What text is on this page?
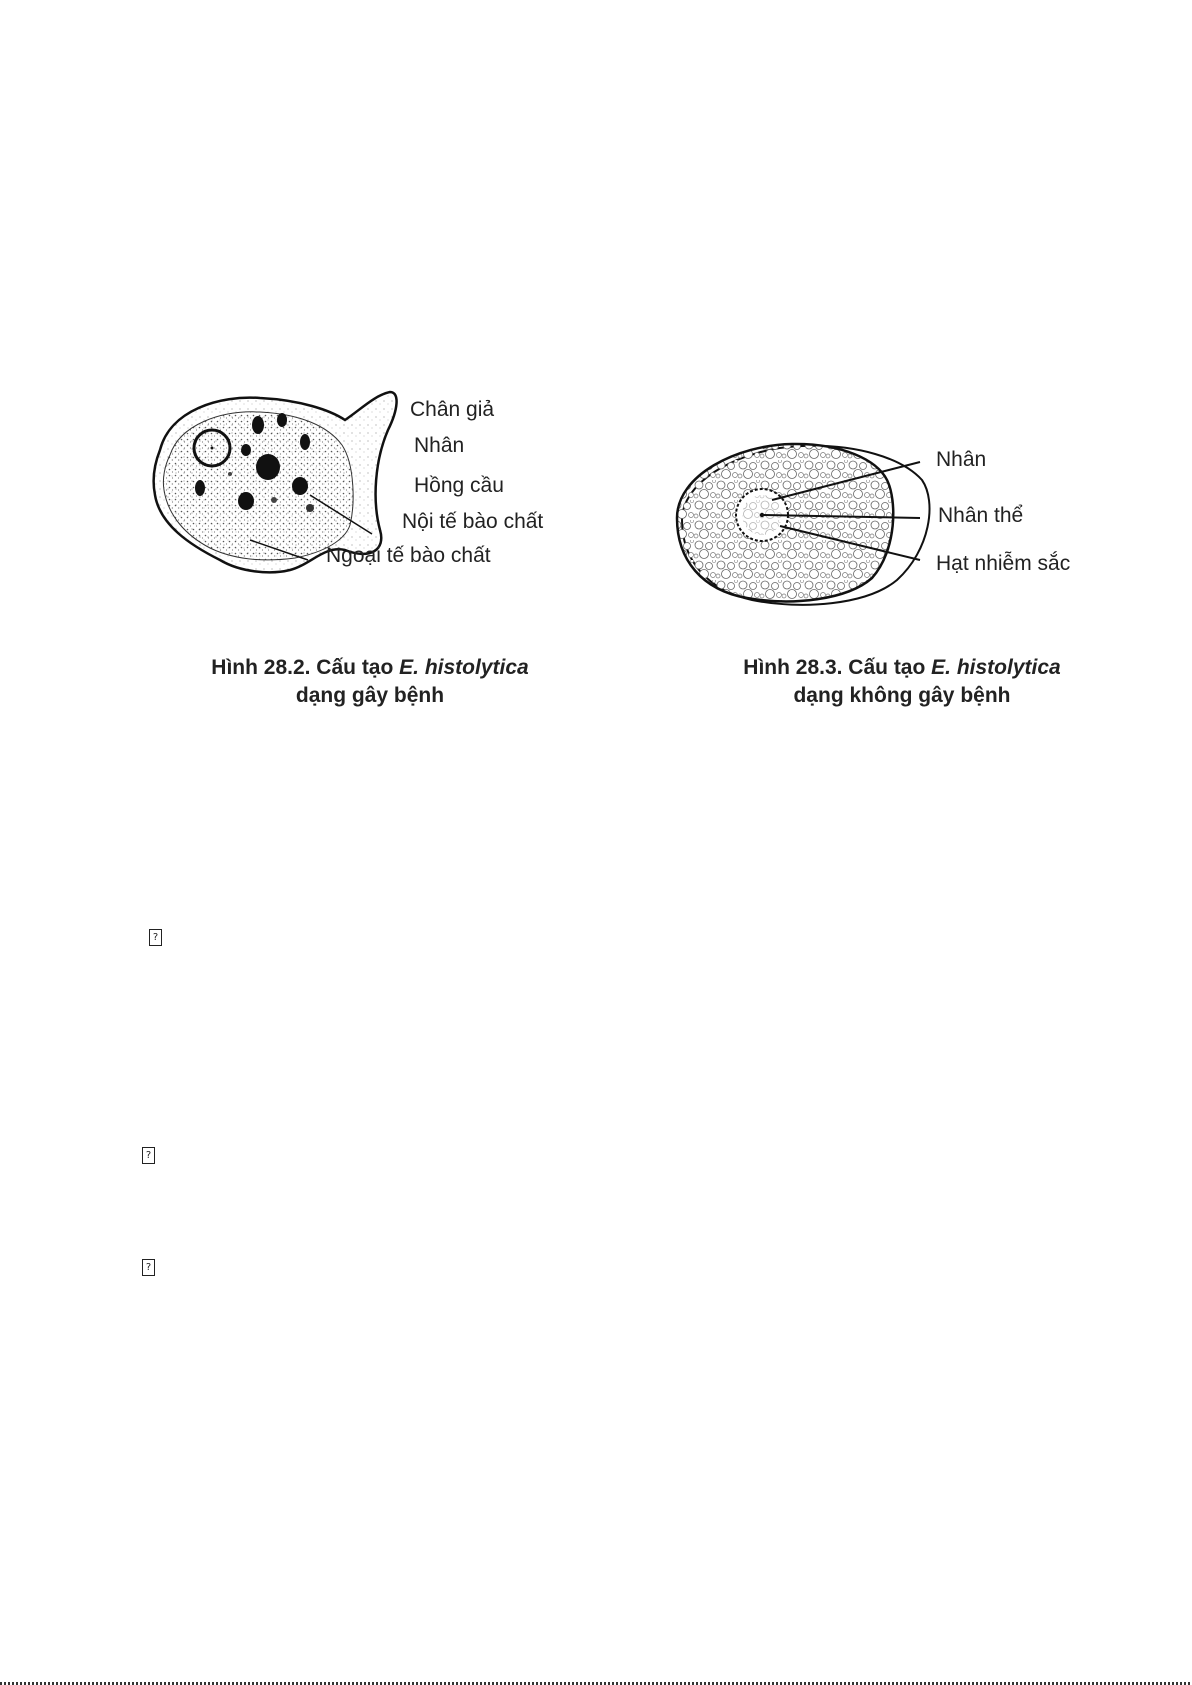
Chân giả
Nhân
Hồng cầu
Nội tế bào chất
Ngoại tế bào chất
Hình 28.2. Cấu tạo E. histolytica
dạng gây bệnh
Nhân
Nhân thể
Hạt nhiễm sắc
Hình 28.3. Cấu tạo E. histolytica
dạng không gây bệnh
?
?
?
